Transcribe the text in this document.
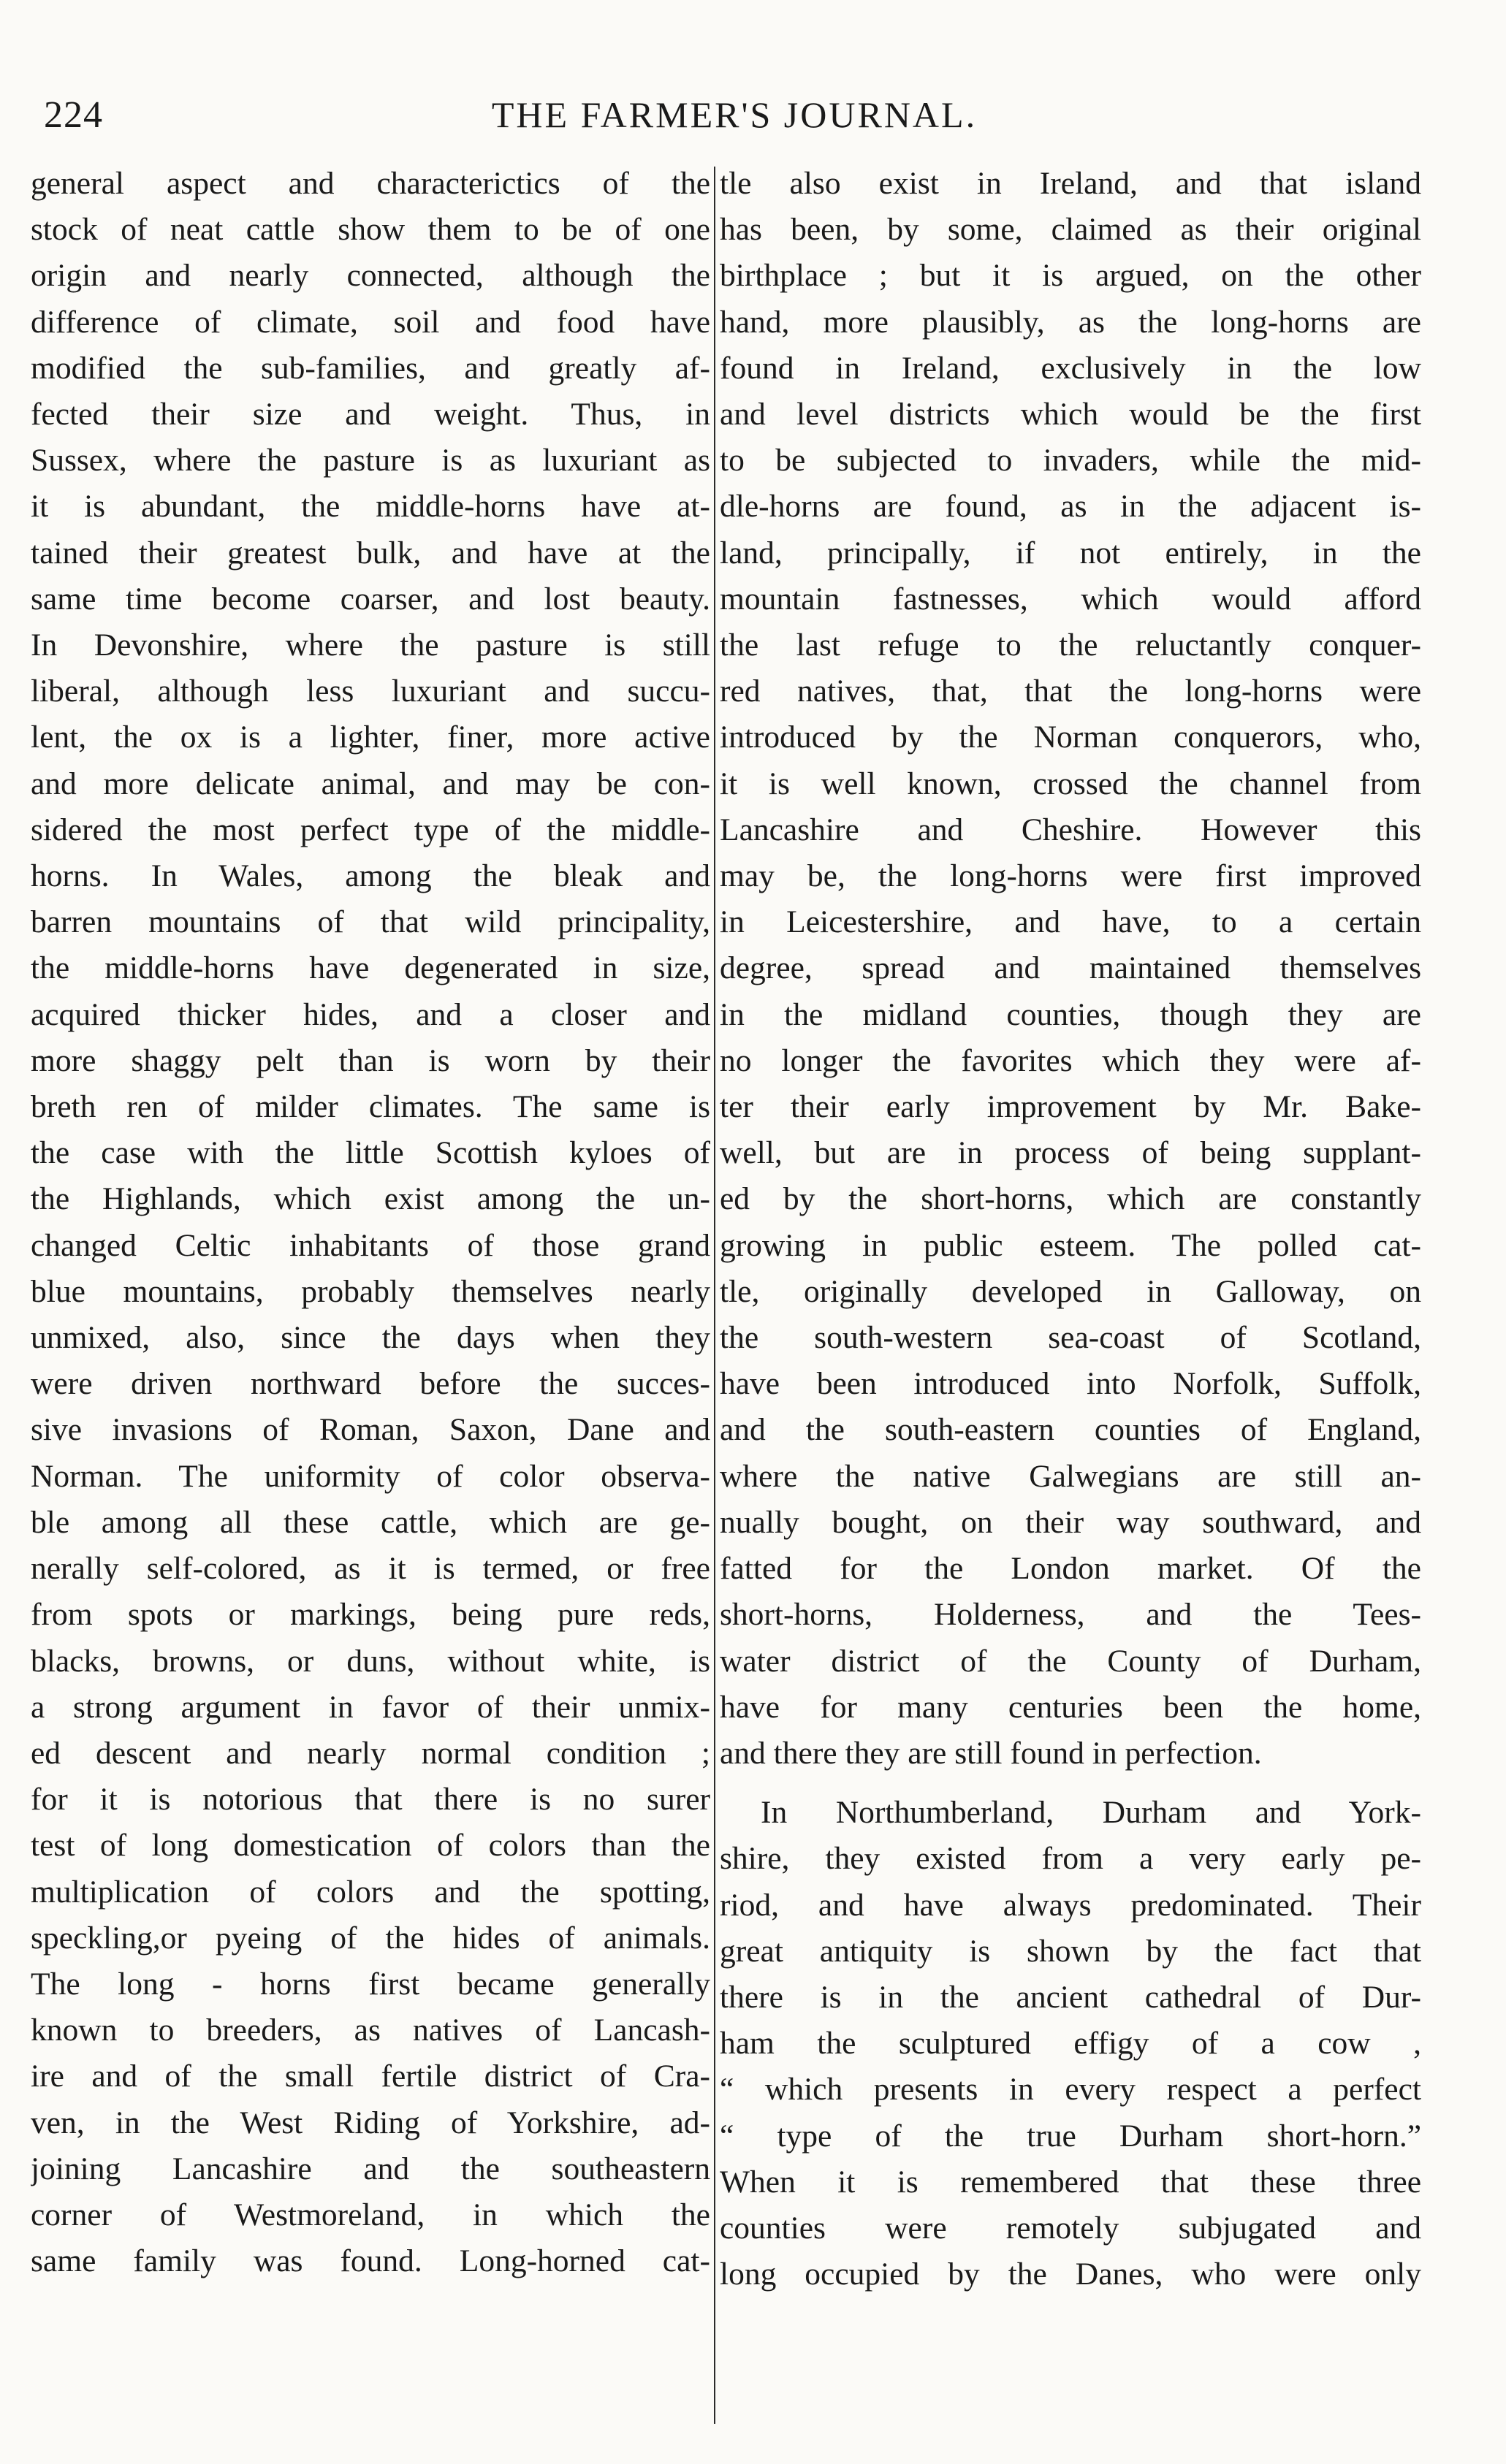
224	THE FARMER'S JOURNAL.
general aspect and characterictics of the
stock of neat cattle show them to be of one
origin and nearly connected, although the
difference of climate, soil and food have
modified the sub-families, and greatly af-
fected their size and weight. Thus, in
Sussex, where the pasture is as luxuriant as
it is abundant, the middle-horns have at-
tained their greatest bulk, and have at the
same time become coarser, and lost beauty.
In Devonshire, where the pasture is still
liberal, although less luxuriant and succu-
lent, the ox is a lighter, finer, more active
and more delicate animal, and may be con-
sidered the most perfect type of the middle-
horns. In Wales, among the bleak and
barren mountains of that wild principality,
the middle-horns have degenerated in size,
acquired thicker hides, and a closer and
more shaggy pelt than is worn by their
breth ren of milder climates. The same is
the case with the little Scottish kyloes of
the Highlands, which exist among the un-
changed Celtic inhabitants of those grand
blue mountains, probably themselves nearly
unmixed, also, since the days when they
were driven northward before the succes-
sive invasions of Roman, Saxon, Dane and
Norman. The uniformity of color observa-
ble among all these cattle, which are ge-
nerally self-colored, as it is termed, or free
from spots or markings, being pure reds,
blacks, browns, or duns, without white, is
a strong argument in favor of their unmix-
ed descent and nearly normal condition ;
for it is notorious that there is no surer
test of long domestication of colors than the
multiplication of colors and the spotting,
speckling,or pyeing of the hides of animals.
The long - horns first became generally
known to breeders, as natives of Lancash-
ire and of the small fertile district of Cra-
ven, in the West Riding of Yorkshire, ad-
joining Lancashire and the southeastern
corner of Westmoreland, in which the
same family was found. Long-horned cat-
tle also exist in Ireland, and that island
has been, by some, claimed as their original
birthplace ; but it is argued, on the other
hand, more plausibly, as the long-horns are
found in Ireland, exclusively in the low
and level districts which would be the first
to be subjected to invaders, while the mid-
dle-horns are found, as in the adjacent is-
land, principally, if not entirely, in the
mountain fastnesses, which would afford
the last refuge to the reluctantly conquer-
red natives, that, that the long-horns were
introduced by the Norman conquerors, who,
it is well known, crossed the channel from
Lancashire and Cheshire. However this
may be, the long-horns were first improved
in Leicestershire, and have, to a certain
degree, spread and maintained themselves
in the midland counties, though they are
no longer the favorites which they were af-
ter their early improvement by Mr. Bake-
well, but are in process of being supplant-
ed by the short-horns, which are constantly
growing in public esteem. The polled cat-
tle, originally developed in Galloway, on
the south-western sea-coast of Scotland,
have been introduced into Norfolk, Suffolk,
and the south-eastern counties of England,
where the native Galwegians are still an-
nually bought, on their way southward, and
fatted for the London market. Of the
short-horns, Holderness, and the Tees-
water district of the County of Durham,
have for many centuries been the home,
and there they are still found in perfection.
In Northumberland, Durham and York-
shire, they existed from a very early pe-
riod, and have always predominated. Their
great antiquity is shown by the fact that
there is in the ancient cathedral of Dur-
ham the sculptured effigy of a cow ,
“ which presents in every respect a perfect
“ type of the true Durham short-horn.”
When it is remembered that these three
counties were remotely subjugated and
long occupied by the Danes, who were only
